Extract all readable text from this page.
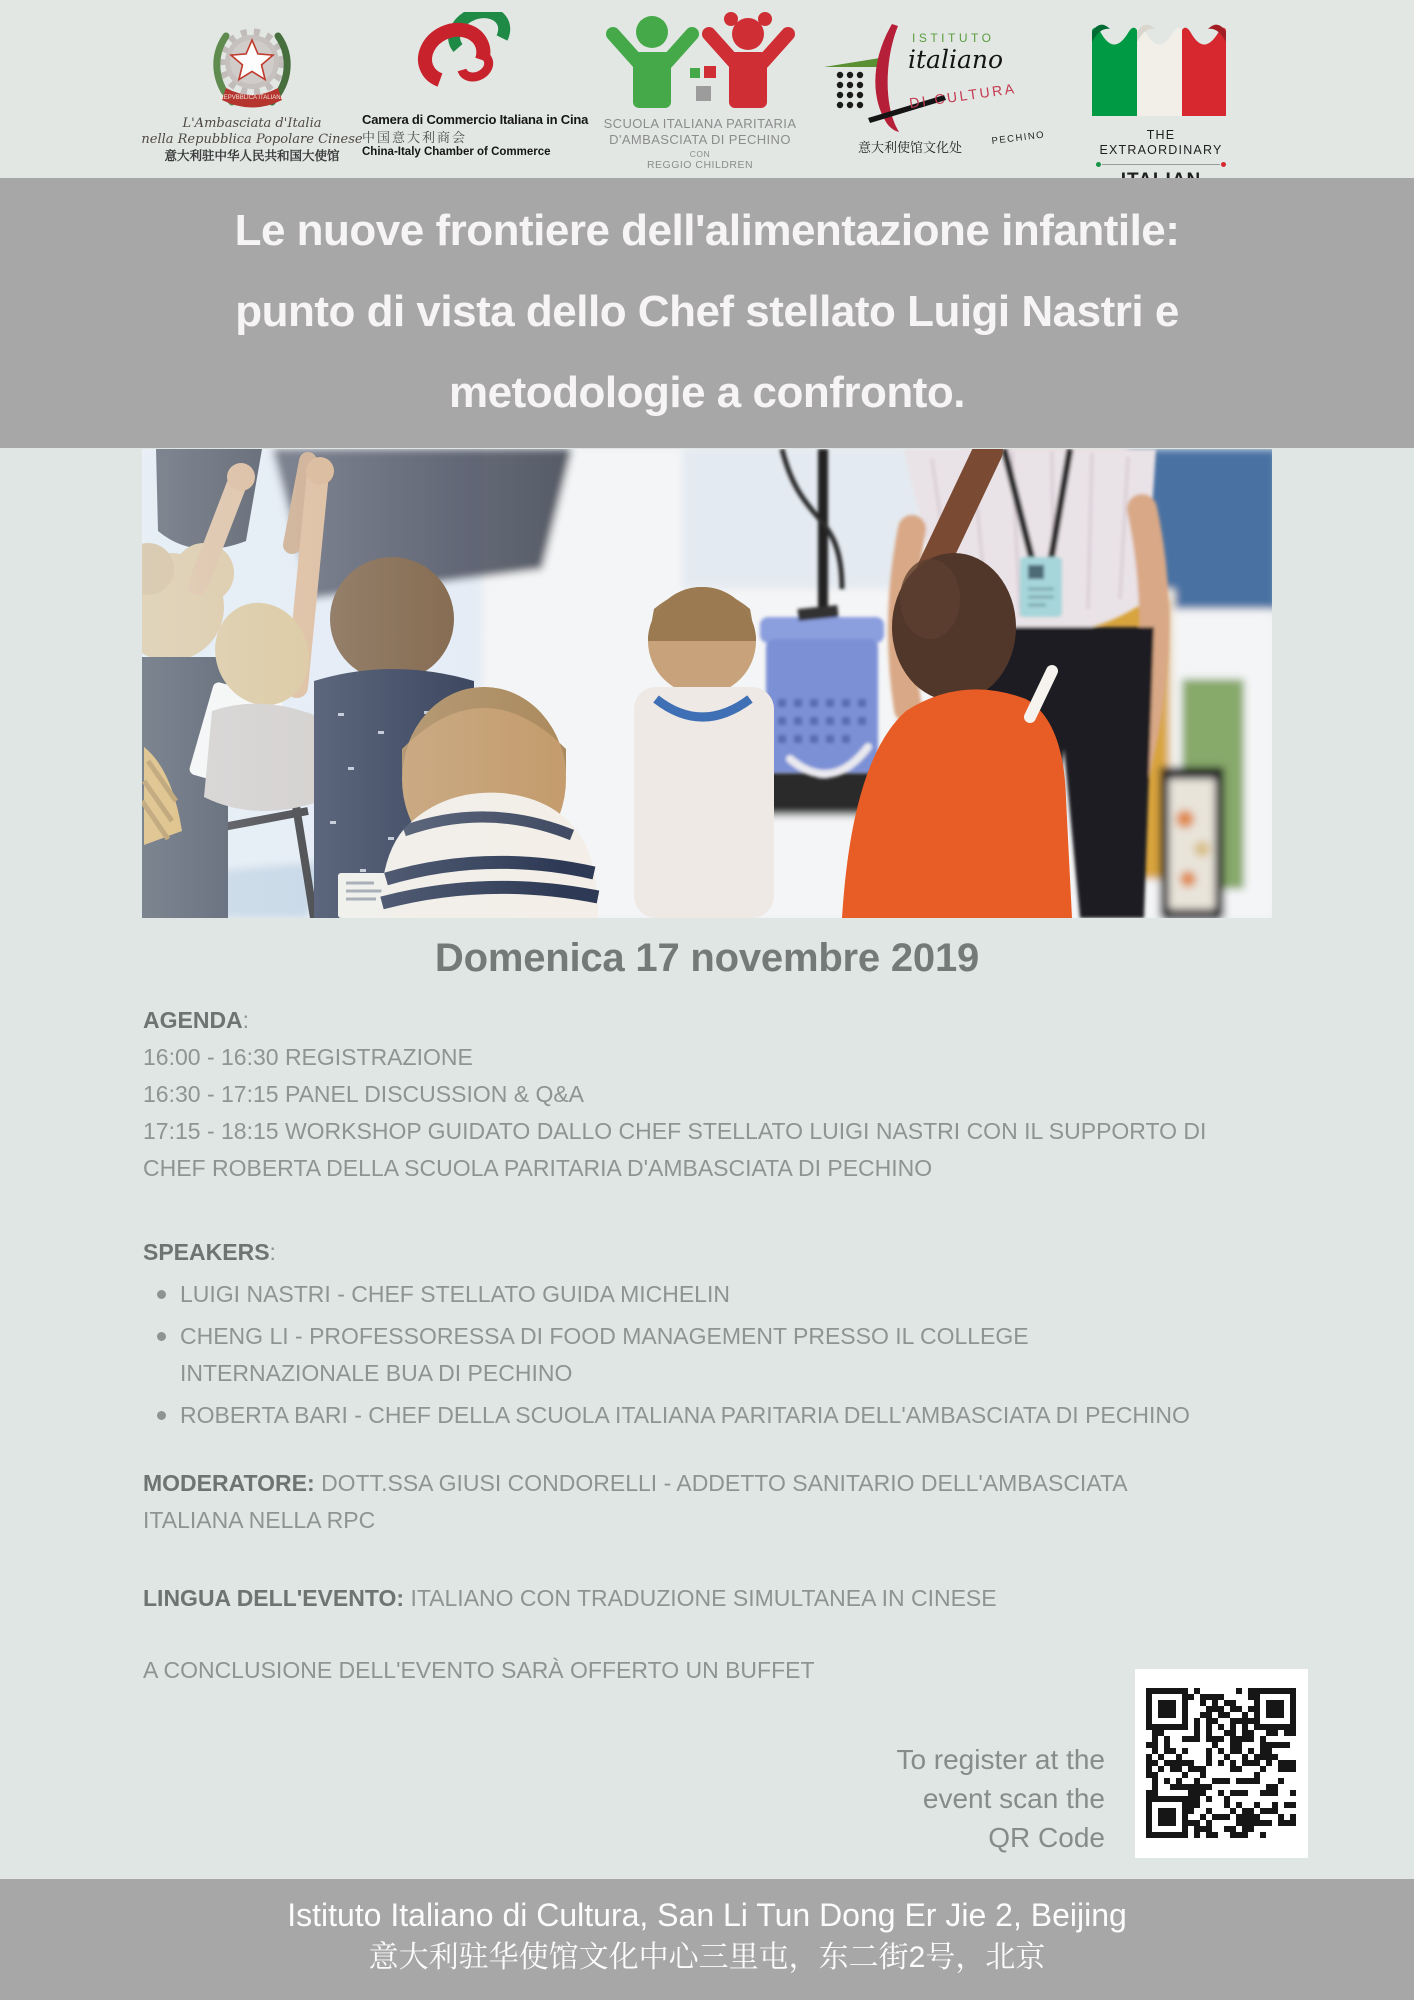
REPVBBLICA ITALIANA
L'Ambasciata d'Italia
nella Repubblica Popolare Cinese
意大利驻中华人民共和国大使馆
Camera di Commercio Italiana in Cina
中国意大利商会
China-Italy Chamber of Commerce
SCUOLA ITALIANA PARITARIA
D'AMBASCIATA DI PECHINO
CON
REGGIO CHILDREN
ISTITUTO
italiano
DI CULTURA
PECHINO
意大利使馆文化处
THE EXTRAORDINARY
Le nuove frontiere dell'alimentazione infantile:
punto di vista dello Chef stellato Luigi Nastri e
metodologie a confronto.
Domenica 17 novembre 2019
AGENDA:
16:00 - 16:30 REGISTRAZIONE
16:30 - 17:15 PANEL DISCUSSION & Q&A
17:15 - 18:15 WORKSHOP GUIDATO DALLO CHEF STELLATO LUIGI NASTRI CON IL SUPPORTO DI
CHEF ROBERTA DELLA SCUOLA PARITARIA D'AMBASCIATA DI PECHINO
SPEAKERS:
LUIGI NASTRI - CHEF STELLATO GUIDA MICHELIN
CHENG LI - PROFESSORESSA DI FOOD MANAGEMENT PRESSO IL COLLEGE
INTERNAZIONALE BUA DI PECHINO
ROBERTA BARI - CHEF DELLA SCUOLA ITALIANA PARITARIA DELL'AMBASCIATA DI PECHINO
MODERATORE: DOTT.SSA GIUSI CONDORELLI - ADDETTO SANITARIO DELL'AMBASCIATA
ITALIANA NELLA RPC
LINGUA DELL'EVENTO: ITALIANO CON TRADUZIONE SIMULTANEA IN CINESE
A CONCLUSIONE DELL'EVENTO SARÀ OFFERTO UN BUFFET
To register at the
event scan the
QR Code
Istituto Italiano di Cultura, San Li Tun Dong Er Jie 2, Beijing
意大利驻华使馆文化中心三里屯，东二街2号，北京
